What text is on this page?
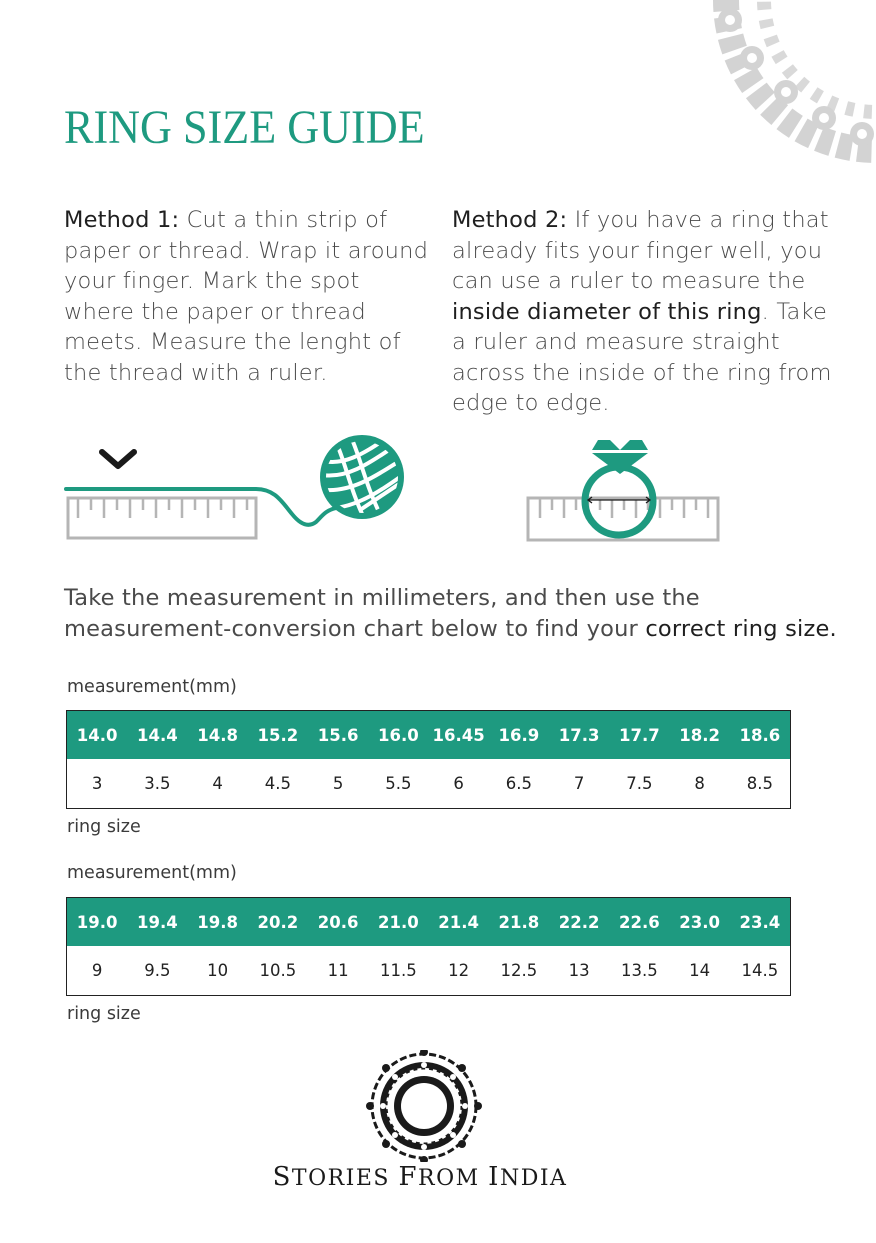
RING SIZE GUIDE
Method 1: Cut a thin strip of paper or thread. Wrap it around your finger. Mark the spot where the paper or thread meets. Measure the lenght of the thread with a ruler.
Method 2: If you have a ring that already fits your finger well, you can use a ruler to measure the inside diameter of this ring. Take a ruler and measure straight across the inside of the ring from edge to edge.
Take the measurement in millimeters, and then use the measurement-conversion chart below to find your correct ring size.
measurement(mm)
14.0	14.4	14.8	15.2	15.6	16.0 16.45 16.9	17.3	17.7	18.2	18.6
3	3.5	4	4.5	5	5.5	6	6.5	7	7.5	8	8.5
ring size
measurement(mm)
19.0	19.4	19.8	20.2	20.6	21.0	21.4	21.8	22.2	22.6	23.0	23.4
9	9.5	10	10.5	11	11.5	12	12.5	13	13.5	14	14.5
ring size
STORIES FROM INDIA
